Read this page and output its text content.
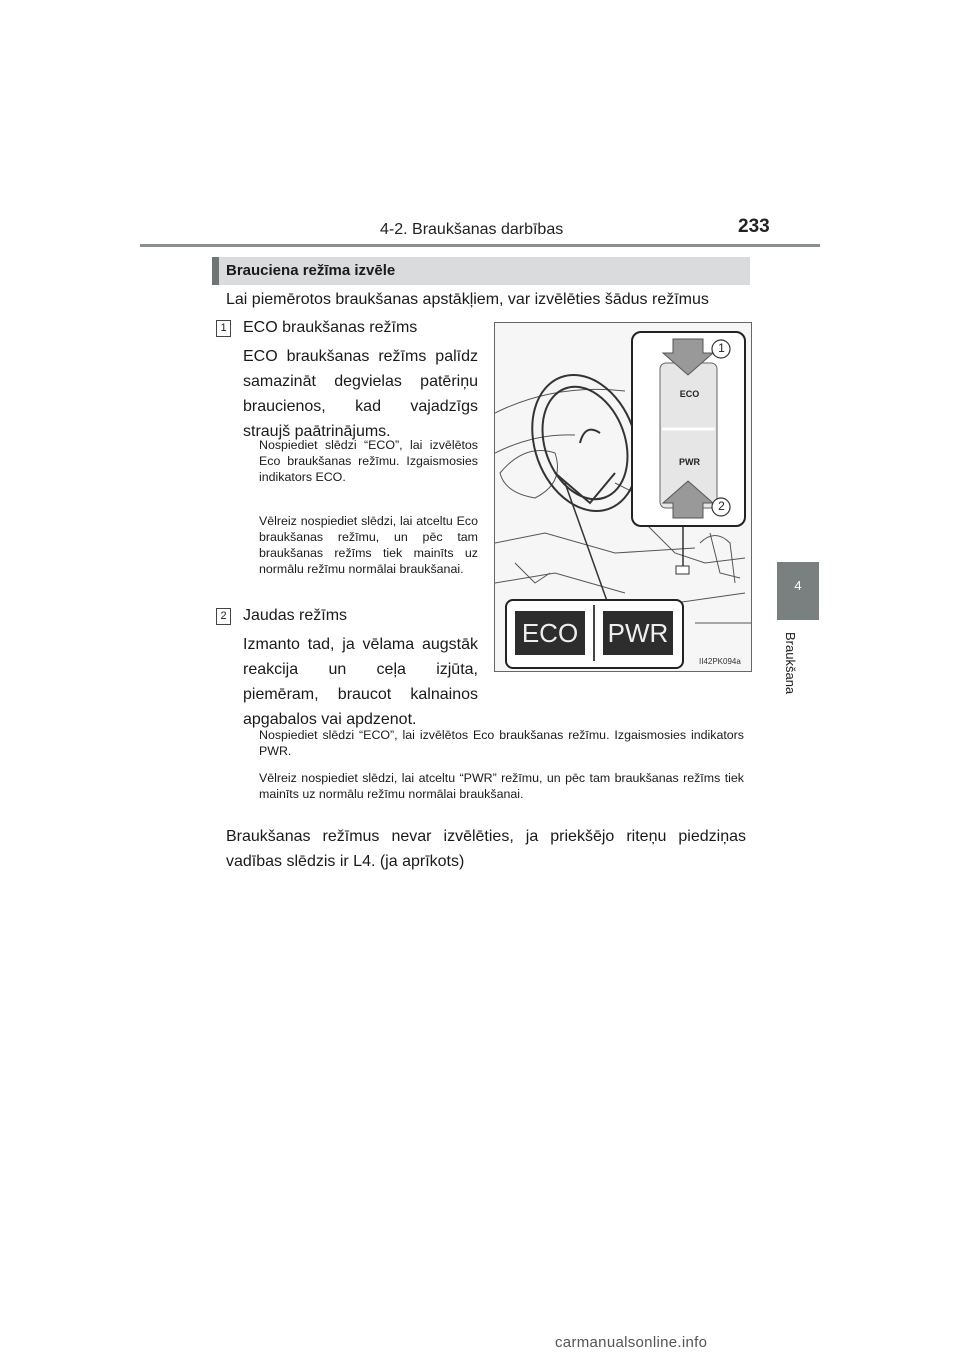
4-2. Braukšanas darbības	233
4
Braukšana
Brauciena režīma izvēle
Lai piemērotos braukšanas apstākļiem, var izvēlēties šādus režīmus
1 ECO braukšanas režīms
ECO braukšanas režīms palīdz samazināt degvielas patēriņu braucienos, kad vajadzīgs straujš paātrinājums.
Nospiediet slēdzi “ECO”, lai izvēlētos Eco braukšanas režīmu. Izgaismosies indikators ECO.
Vēlreiz nospiediet slēdzi, lai atceltu Eco braukšanas režīmu, un pēc tam braukšanas režīms tiek mainīts uz normālu režīmu normālai braukšanai.
2 Jaudas režīms
Izmanto tad, ja vēlama augstāk reakcija un ceļa izjūta, piemēram, braucot kalnainos apgabalos vai apdzenot.
Nospiediet slēdzi “ECO”, lai izvēlētos Eco braukšanas režīmu. Izgaismosies indikators PWR.
Vēlreiz nospiediet slēdzi, lai atceltu “PWR” režīmu, un pēc tam braukšanas režīms tiek mainīts uz normālu režīmu normālai braukšanai.
1
2
ECO
PWR
ECO PWR
II42PK094a
Braukšanas režīmus nevar izvēlēties, ja priekšējo riteņu piedziņas vadības slēdzis ir L4. (ja aprīkots)
carmanualsonline.info
